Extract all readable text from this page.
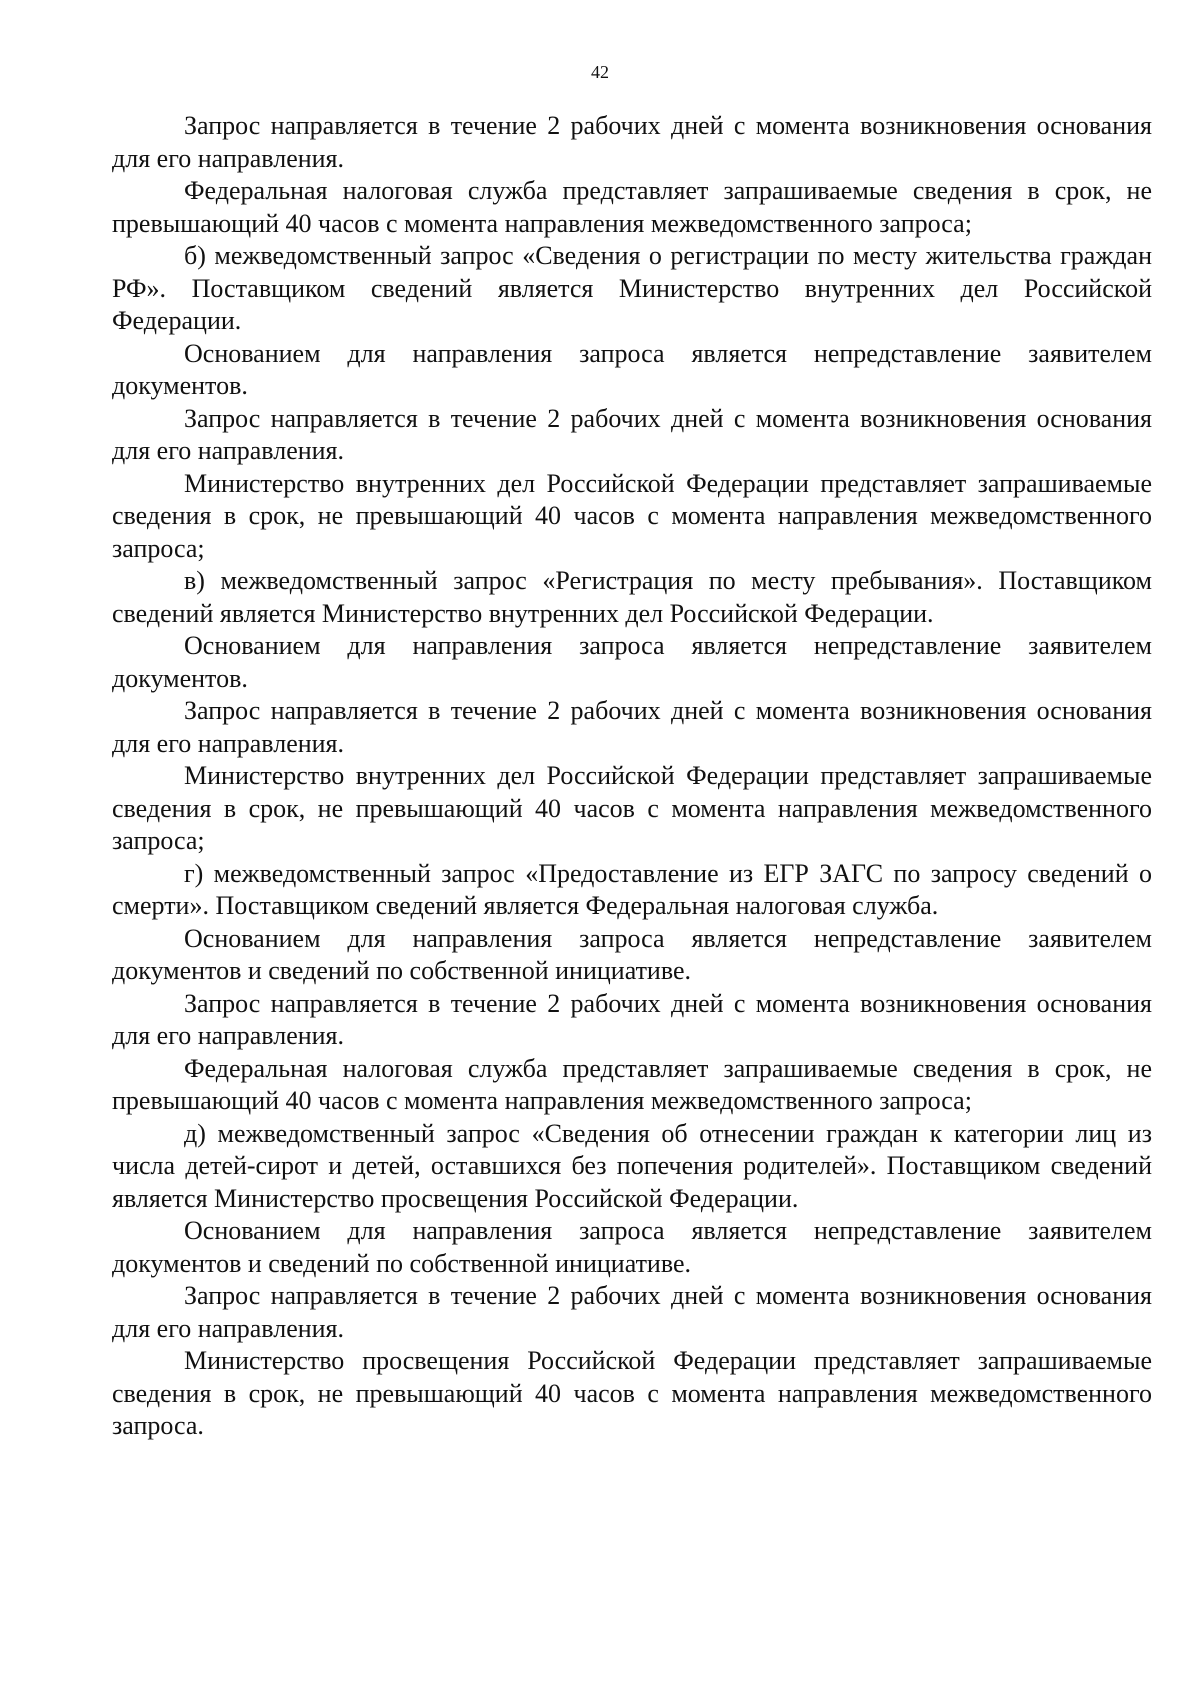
42

Запрос направляется в течение 2 рабочих дней с момента возникновения основания для его направления.

Федеральная налоговая служба представляет запрашиваемые сведения в срок, не превышающий 40 часов с момента направления межведомственного запроса;

б) межведомственный запрос «Сведения о регистрации по месту жительства граждан РФ». Поставщиком сведений является Министерство внутренних дел Российской Федерации.

Основанием для направления запроса является непредставление заявителем документов.

Запрос направляется в течение 2 рабочих дней с момента возникновения основания для его направления.

Министерство внутренних дел Российской Федерации представляет запрашиваемые сведения в срок, не превышающий 40 часов с момента направления межведомственного запроса;

в) межведомственный запрос «Регистрация по месту пребывания». Поставщиком сведений является Министерство внутренних дел Российской Федерации.

Основанием для направления запроса является непредставление заявителем документов.

Запрос направляется в течение 2 рабочих дней с момента возникновения основания для его направления.

Министерство внутренних дел Российской Федерации представляет запрашиваемые сведения в срок, не превышающий 40 часов с момента направления межведомственного запроса;

г) межведомственный запрос «Предоставление из ЕГР ЗАГС по запросу сведений о смерти». Поставщиком сведений является Федеральная налоговая служба.

Основанием для направления запроса является непредставление заявителем документов и сведений по собственной инициативе.

Запрос направляется в течение 2 рабочих дней с момента возникновения основания для его направления.

Федеральная налоговая служба представляет запрашиваемые сведения в срок, не превышающий 40 часов с момента направления межведомственного запроса;

д) межведомственный запрос «Сведения об отнесении граждан к категории лиц из числа детей-сирот и детей, оставшихся без попечения родителей». Поставщиком сведений является Министерство просвещения Российской Федерации.

Основанием для направления запроса является непредставление заявителем документов и сведений по собственной инициативе.

Запрос направляется в течение 2 рабочих дней с момента возникновения основания для его направления.

Министерство просвещения Российской Федерации представляет запрашиваемые сведения в срок, не превышающий 40 часов с момента направления межведомственного запроса.
